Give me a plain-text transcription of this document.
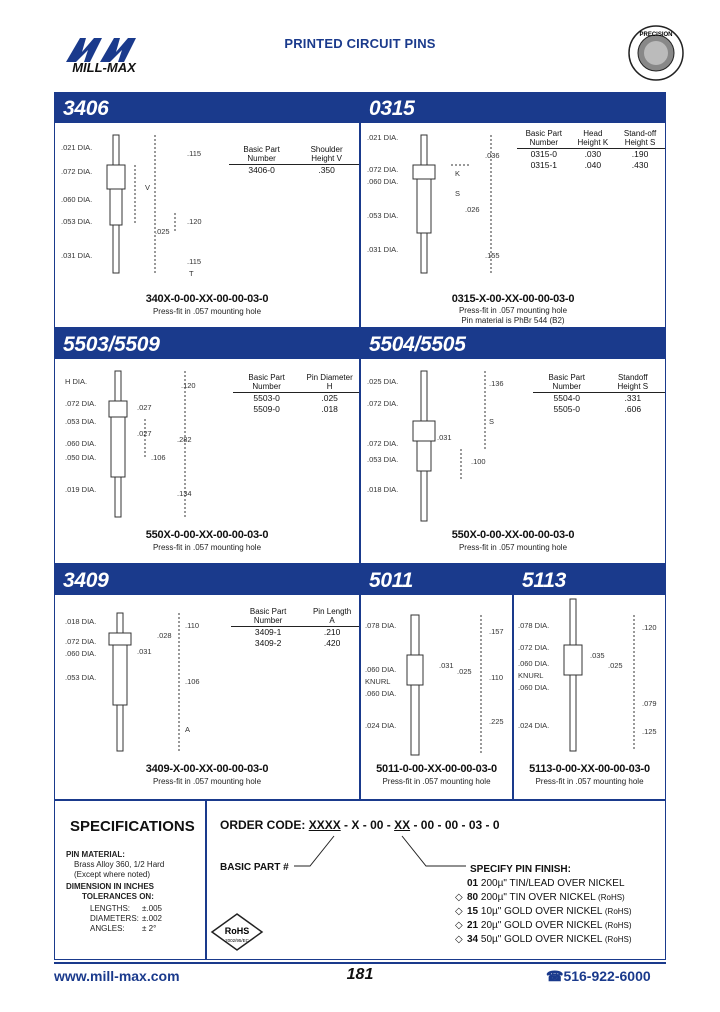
MILL-MAX
PRINTED CIRCUIT PINS
PRECISION
3406
.021 DIA.
.072 DIA.
.060 DIA.
.053 DIA.
.031 DIA.
.115
V
.120
.025
.115
T
Basic Part Number	Shoulder Height V
3406-0	.350
340X-0-00-XX-00-00-03-0
Press-fit in .057 mounting hole
0315
.021 DIA.
.072 DIA.
.060 DIA.
.053 DIA.
.031 DIA.
.036
K
S
.026
.155
Basic Part Number	Head Height K	Stand-off Height S
0315-0	.030	.190
0315-1	.040	.430
0315-X-00-XX-00-00-03-0
Press-fit in .057 mounting hole
Pin material is PhBr 544 (B2)
5503/5509
H DIA.
.072 DIA.
.053 DIA.
.060 DIA.
.050 DIA.
.019 DIA.
.120
.027
.027
.282
.106
.134
Basic Part Number	Pin Diameter H
5503-0	.025
5509-0	.018
550X-0-00-XX-00-00-03-0
Press-fit in .057 mounting hole
5504/5505
.025 DIA.
.072 DIA.
.072 DIA.
.053 DIA.
.018 DIA.
.136
S
.031
.100
Basic Part Number	Standoff Height S
5504-0	.331
5505-0	.606
550X-0-00-XX-00-00-03-0
Press-fit in .057 mounting hole
3409
.018 DIA.
.072 DIA.
.060 DIA.
.053 DIA.
.110
.028
.031
.106
A
Basic Part Number	Pin Length A
3409-1	.210
3409-2	.420
3409-X-00-XX-00-00-03-0
Press-fit in .057 mounting hole
5011
.078 DIA.
.060 DIA.
KNURL
.060 DIA.
.024 DIA.
.157
.031
.025
.110
.225
5011-0-00-XX-00-00-03-0
Press-fit in .057 mounting hole
5113
.078 DIA.
.072 DIA.
.060 DIA.
KNURL
.060 DIA.
.024 DIA.
.120
.035
.025
.079
.125
5113-0-00-XX-00-00-03-0
Press-fit in .057 mounting hole
SPECIFICATIONS
PIN MATERIAL:
Brass Alloy 360, 1/2 Hard
(Except where noted)
DIMENSION IN INCHES
TOLERANCES ON:
LENGTHS: ±.005
DIAMETERS: ±.002
ANGLES: ± 2°
ORDER CODE: XXXX - X - 00 - XX - 00 - 00 - 03 - 0
BASIC PART #	SPECIFY PIN FINISH:
01 200µ" TIN/LEAD OVER NICKEL
◇ 80 200µ" TIN OVER NICKEL (RoHS)
◇ 15 10µ" GOLD OVER NICKEL (RoHS)
◇ 21 20µ" GOLD OVER NICKEL (RoHS)
◇ 34 50µ" GOLD OVER NICKEL (RoHS)
RoHS
2002/95/EC
www.mill-max.com	181	☎516-922-6000
